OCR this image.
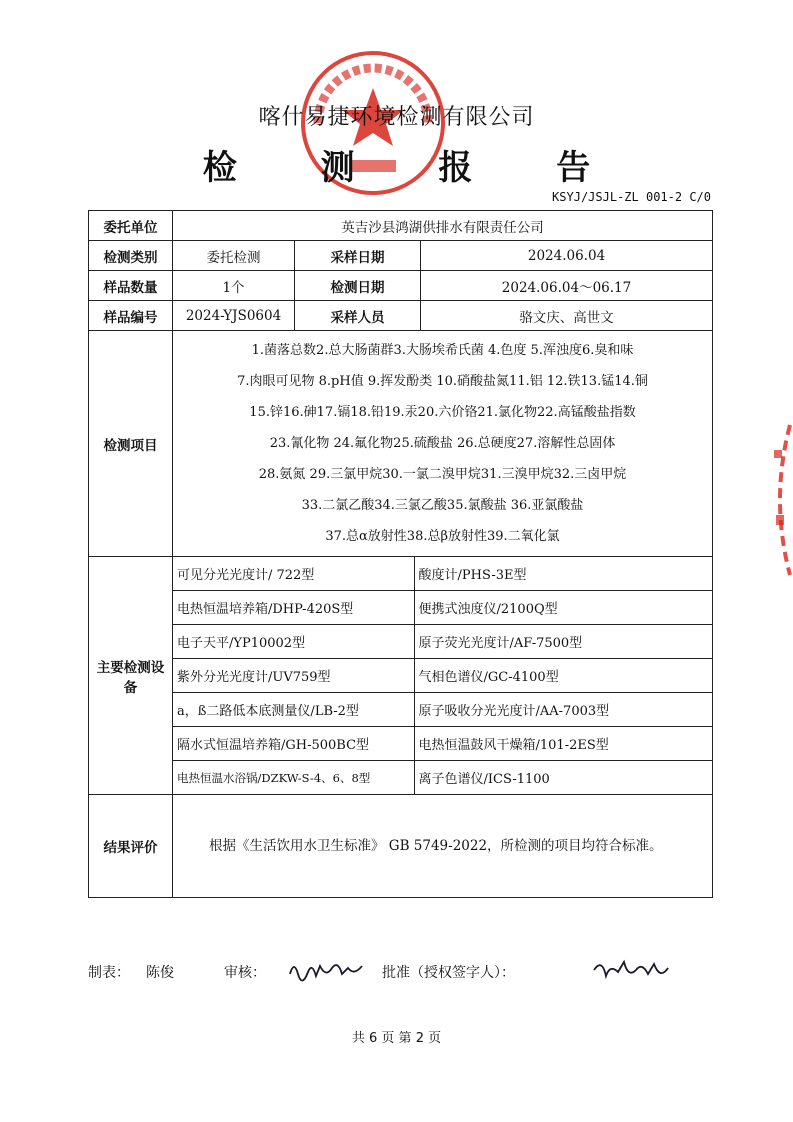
喀什易捷环境检测有限公司
检 测 报 告
KSYJ/JSJL-ZL 001-2 C/0
委托单位	英吉沙县鸿湖供排水有限责任公司
检测类别	委托检测	采样日期	2024.06.04
样品数量	1个	检测日期	2024.06.04～06.17
样品编号	2024-YJS0604	采样人员	骆文庆、高世文
检测项目	
1.菌落总数2.总大肠菌群3.大肠埃希氏菌 4.色度 5.浑浊度6.臭和味
7.肉眼可见物 8.pH值 9.挥发酚类 10.硝酸盐氮11.铝 12.铁13.锰14.铜
15.锌16.砷17.镉18.铅19.汞20.六价铬21.氯化物22.高锰酸盐指数
23.氰化物 24.氟化物25.硫酸盐 26.总硬度27.溶解性总固体
28.氨氮 29.三氯甲烷30.一氯二溴甲烷31.三溴甲烷32.三卤甲烷
33.二氯乙酸34.三氯乙酸35.氯酸盐 36.亚氯酸盐
37.总α放射性38.总β放射性39.二氧化氯

主要检测设备	
可见分光光度计/ 722型	酸度计/PHS-3E型
电热恒温培养箱/DHP-420S型	便携式浊度仪/2100Q型
电子天平/YP10002型	原子荧光光度计/AF-7500型
紫外分光光度计/UV759型	气相色谱仪/GC-4100型
a，ß二路低本底测量仪/LB-2型	原子吸收分光光度计/AA-7003型
隔水式恒温培养箱/GH-500BC型	电热恒温鼓风干燥箱/101-2ES型
电热恒温水浴锅/DZKW-S-4、6、8型	离子色谱仪/ICS-1100

结果评价	根据《生活饮用水卫生标准》 GB 5749-2022，所检测的项目均符合标准。
制表： 陈俊	审核：	批准（授权签字人）：
共 6 页 第 2 页
